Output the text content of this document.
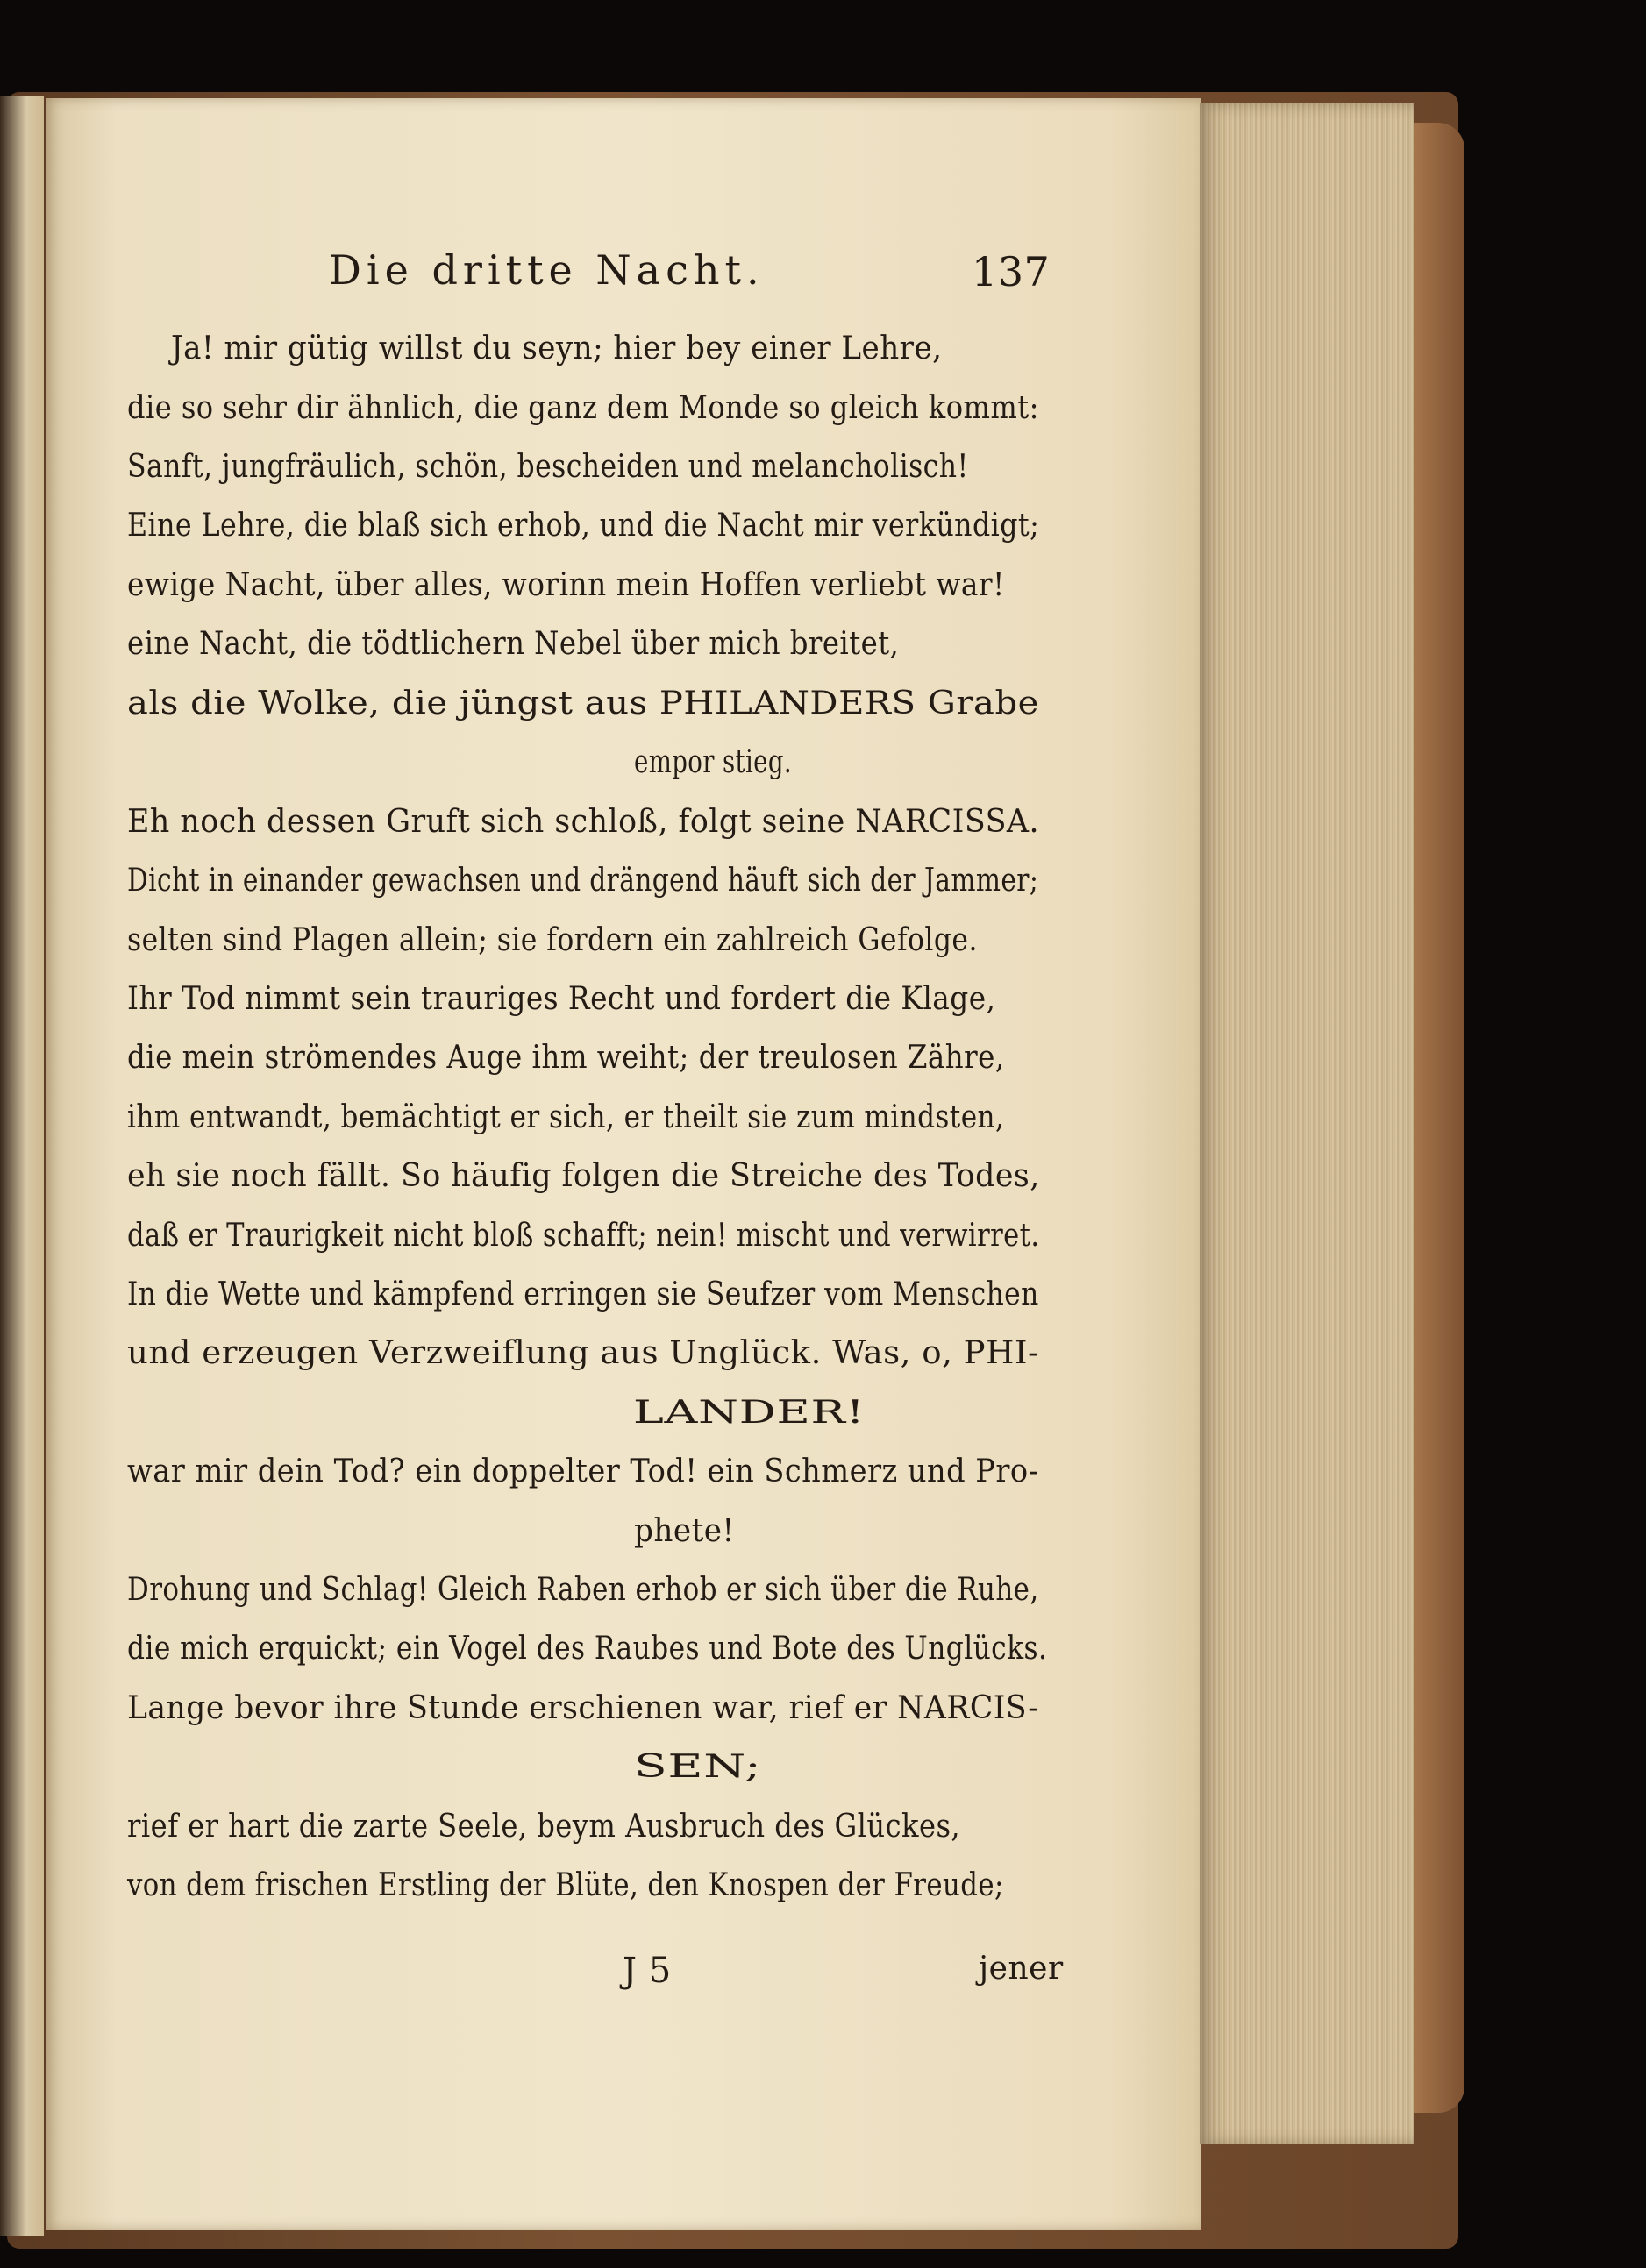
Die dritte Nacht.	137

Ja! mir gütig willst du seyn; hier bey einer Lehre,

die so sehr dir ähnlich, die ganz dem Monde so gleich kommt:

Sanft, jungfräulich, schön, bescheiden und melancholisch!

Eine Lehre, die blaß sich erhob, und die Nacht mir verkündigt;

ewige Nacht, über alles, worinn mein Hoffen verliebt war!

eine Nacht, die tödtlichern Nebel über mich breitet,

als die Wolke, die jüngst aus PHILANDERS Grabe

empor stieg.

Eh noch dessen Gruft sich schloß, folgt seine NARCISSA.

Dicht in einander gewachsen und drängend häuft sich der Jammer;

selten sind Plagen allein; sie fordern ein zahlreich Gefolge.

Ihr Tod nimmt sein trauriges Recht und fordert die Klage,

die mein strömendes Auge ihm weiht; der treulosen Zähre,

ihm entwandt, bemächtigt er sich, er theilt sie zum mindsten,

eh sie noch fällt. So häufig folgen die Streiche des Todes,

daß er Traurigkeit nicht bloß schafft; nein! mischt und verwirret.

In die Wette und kämpfend erringen sie Seufzer vom Menschen

und erzeugen Verzweiflung aus Unglück. Was, o, PHI-

LANDER!

war mir dein Tod? ein doppelter Tod! ein Schmerz und Pro-

phete!

Drohung und Schlag! Gleich Raben erhob er sich über die Ruhe,

die mich erquickt; ein Vogel des Raubes und Bote des Unglücks.

Lange bevor ihre Stunde erschienen war, rief er NARCIS-

SEN;

rief er hart die zarte Seele, beym Ausbruch des Glückes,

von dem frischen Erstling der Blüte, den Knospen der Freude;

J 5	jener
